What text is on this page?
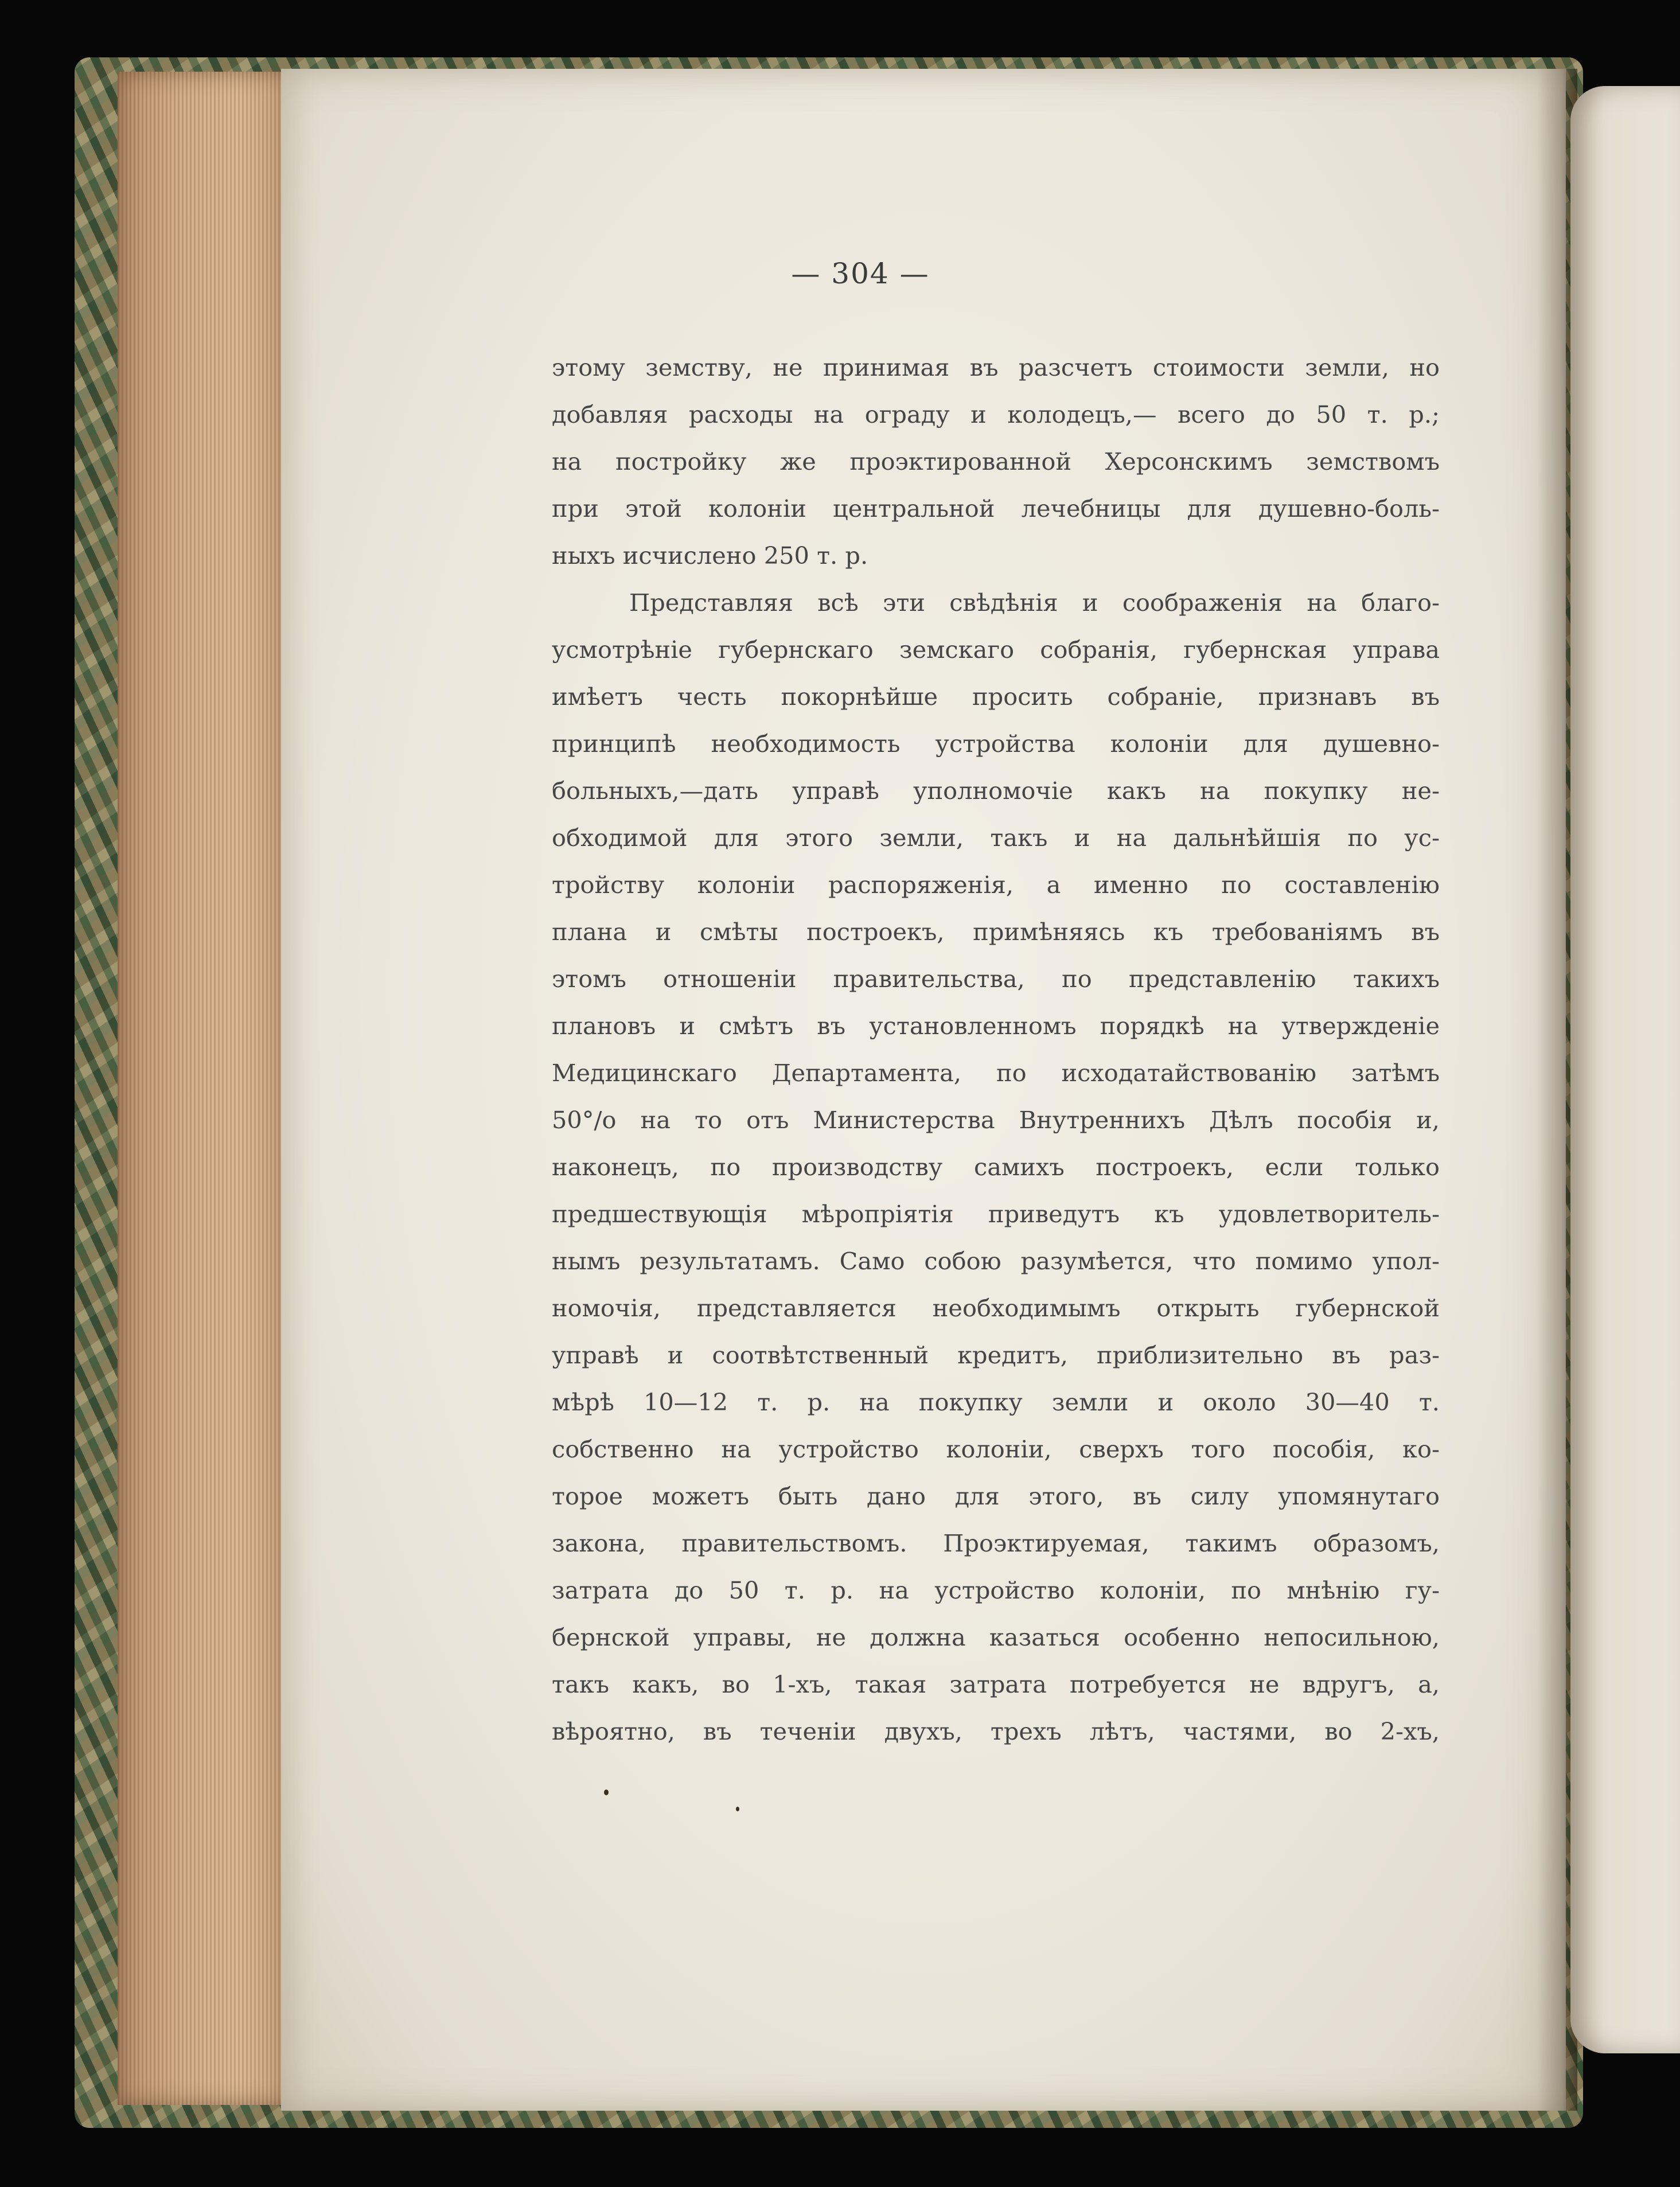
— 304 —
этому земству, не принимая въ разсчетъ стоимости земли, но
добавляя расходы на ограду и колодецъ,— всего до 50 т. р.;
на постройку же проэктированной Херсонскимъ земствомъ
при этой колоніи центральной лечебницы для душевно-боль-
ныхъ исчислено 250 т. р.
Представляя всѣ эти свѣдѣнія и соображенія на благо-
усмотрѣніе губернскаго земскаго собранія, губернская управа
имѣетъ честь покорнѣйше просить собраніе, признавъ въ
принципѣ необходимость устройства колоніи для душевно-
больныхъ,—дать управѣ уполномочіе какъ на покупку не-
обходимой для этого земли, такъ и на дальнѣйшія по ус-
тройству колоніи распоряженія, а именно по составленію
плана и смѣты построекъ, примѣняясь къ требованіямъ въ
этомъ отношеніи правительства, по представленію такихъ
плановъ и смѣтъ въ установленномъ порядкѣ на утвержденіе
Медицинскаго Департамента, по исходатайствованію затѣмъ
50°/о на то отъ Министерства Внутреннихъ Дѣлъ пособія и,
наконецъ, по производству самихъ построекъ, если только
предшествующія мѣропріятія приведутъ къ удовлетворитель-
нымъ результатамъ. Само собою разумѣется, что помимо упол-
номочія, представляется необходимымъ открыть губернской
управѣ и соотвѣтственный кредитъ, приблизительно въ раз-
мѣрѣ 10—12 т. р. на покупку земли и около 30—40 т.
собственно на устройство колоніи, сверхъ того пособія, ко-
торое можетъ быть дано для этого, въ силу упомянутаго
закона, правительствомъ. Проэктируемая, такимъ образомъ,
затрата до 50 т. р. на устройство колоніи, по мнѣнію гу-
бернской управы, не должна казаться особенно непосильною,
такъ какъ, во 1-хъ, такая затрата потребуется не вдругъ, а,
вѣроятно, въ теченіи двухъ, трехъ лѣтъ, частями, во 2-хъ,
